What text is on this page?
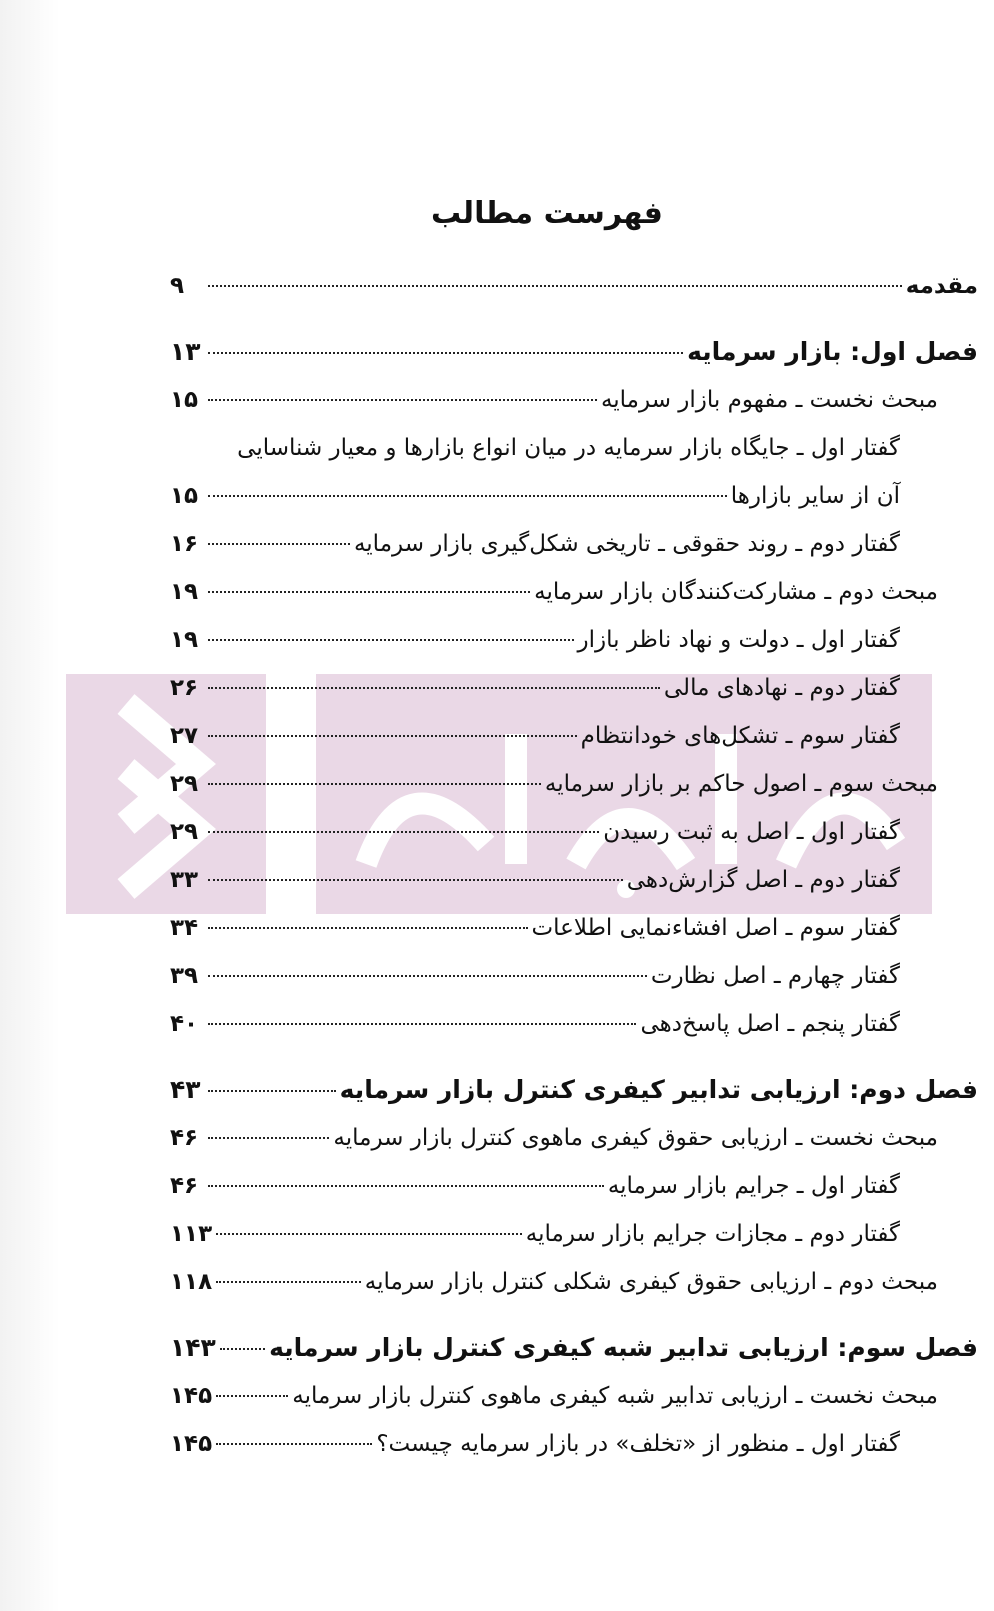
فهرست مطالب
مقدمه
۹
فصل اول: بازار سرمایه
۱۳
مبحث نخست ـ مفهوم بازار سرمایه
۱۵
گفتار اول ـ جایگاه بازار سرمایه در میان انواع بازارها و معیار شناسایی
آن از سایر بازارها
۱۵
گفتار دوم ـ روند حقوقی ـ تاریخی شکل‌گیری بازار سرمایه
۱۶
مبحث دوم ـ مشارکت‌کنندگان بازار سرمایه
۱۹
گفتار اول ـ دولت و نهاد ناظر بازار
۱۹
گفتار دوم ـ نهادهای مالی
۲۶
گفتار سوم ـ تشکل‌های خودانتظام
۲۷
مبحث سوم ـ اصول حاکم بر بازار سرمایه
۲۹
گفتار اول ـ اصل به ثبت رسیدن
۲۹
گفتار دوم ـ اصل گزارش‌دهی
۳۳
گفتار سوم ـ اصل افشاءنمایی اطلاعات
۳۴
گفتار چهارم ـ اصل نظارت
۳۹
گفتار پنجم ـ اصل پاسخ‌دهی
۴۰
فصل دوم: ارزیابی تدابیر کیفری کنترل بازار سرمایه
۴۳
مبحث نخست ـ ارزیابی حقوق کیفری ماهوی کنترل بازار سرمایه
۴۶
گفتار اول ـ جرایم بازار سرمایه
۴۶
گفتار دوم ـ مجازات جرایم بازار سرمایه
۱۱۳
مبحث دوم ـ ارزیابی حقوق کیفری شکلی کنترل بازار سرمایه
۱۱۸
فصل سوم: ارزیابی تدابیر شبه کیفری کنترل بازار سرمایه
۱۴۳
مبحث نخست ـ ارزیابی تدابیر شبه کیفری ماهوی کنترل بازار سرمایه
۱۴۵
گفتار اول ـ منظور از «تخلف» در بازار سرمایه چیست؟
۱۴۵
